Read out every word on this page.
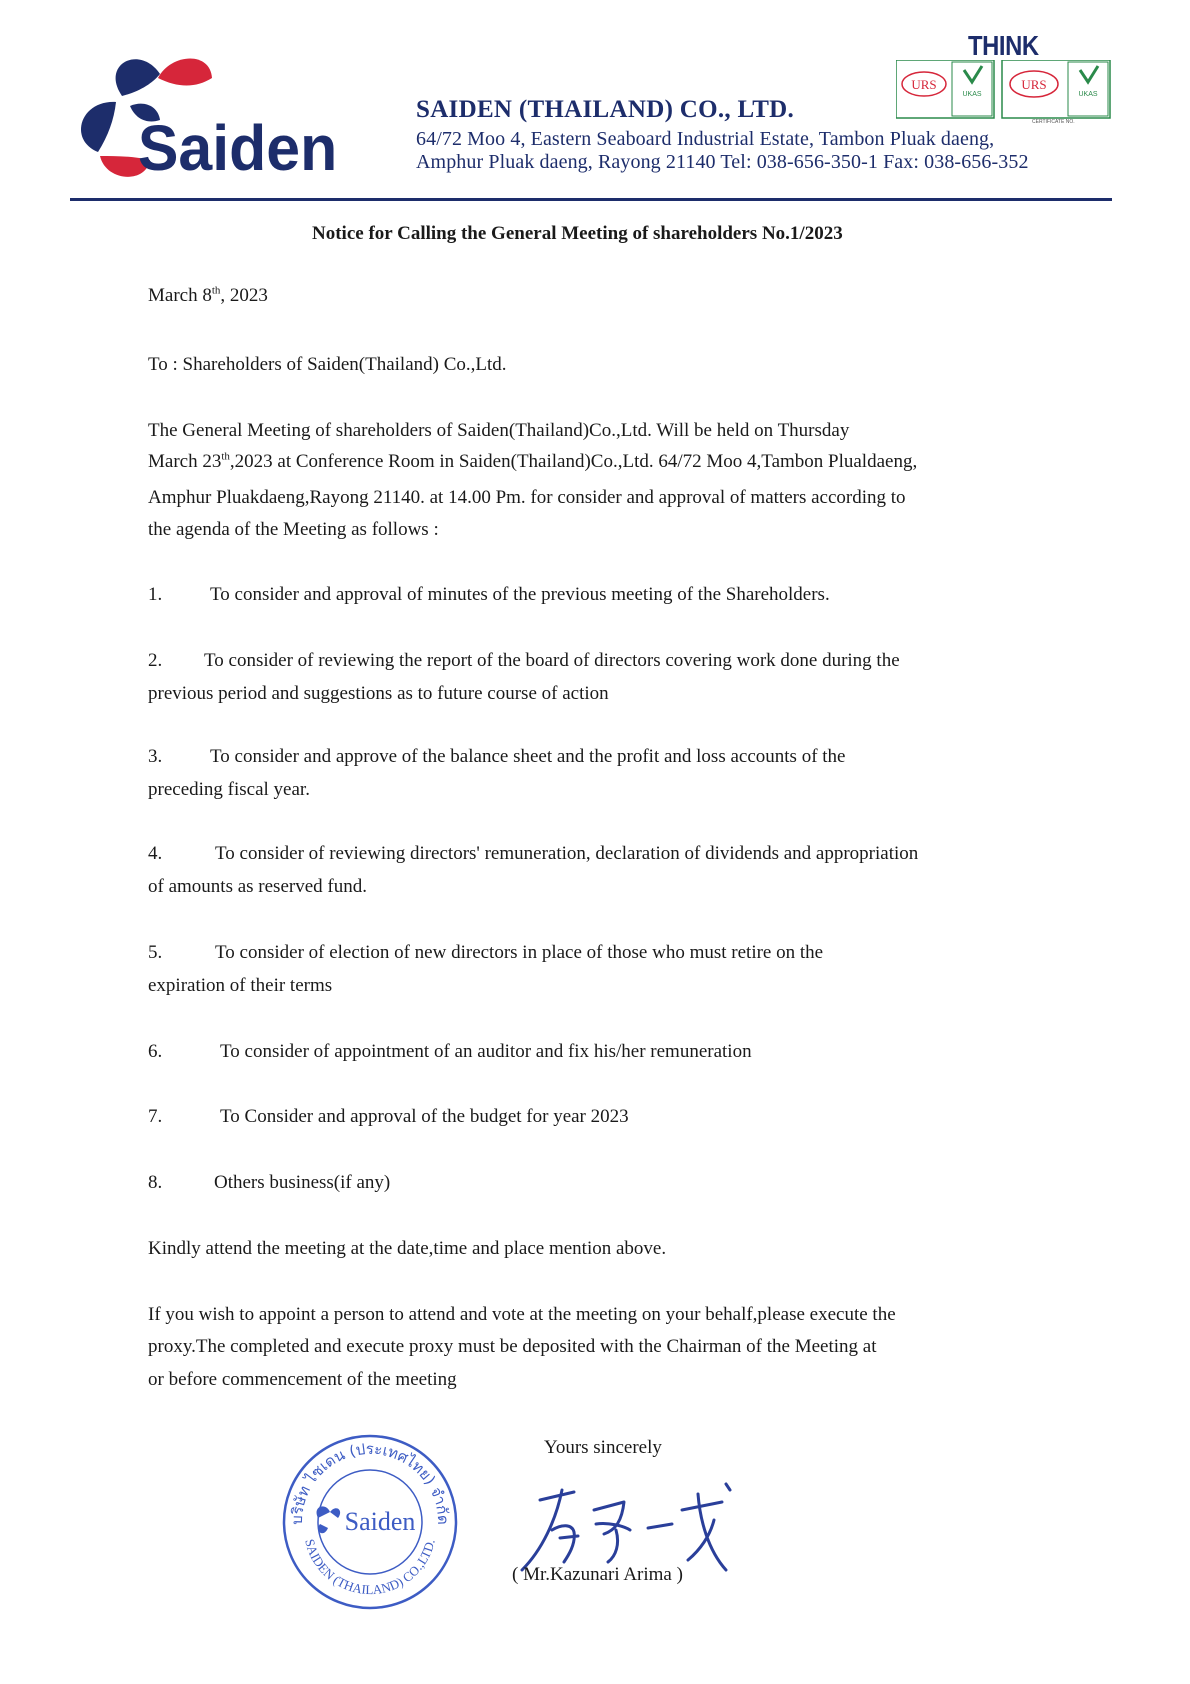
Saiden
SAIDEN (THAILAND) CO., LTD.
64/72 Moo 4, Eastern Seaboard Industrial Estate, Tambon Pluak daeng,
Amphur Pluak daeng, Rayong 21140 Tel: 038-656-350-1 Fax: 038-656-352
THINK
URS
UKAS
URS
UKAS
CERTIFICATE NO.
Notice for Calling the General Meeting of shareholders No.1/2023
March 8th, 2023
To : Shareholders of Saiden(Thailand) Co.,Ltd.
The General Meeting of shareholders of Saiden(Thailand)Co.,Ltd. Will be held on Thursday
March 23th,2023 at Conference Room in Saiden(Thailand)Co.,Ltd. 64/72 Moo 4,Tambon Plualdaeng,
Amphur Pluakdaeng,Rayong 21140. at 14.00 Pm. for consider and approval of matters according to
the agenda of the Meeting as follows :
1.	To consider and approval of minutes of the previous meeting of the Shareholders.
2. To consider of reviewing the report of the board of directors covering work done during the
previous period and suggestions as to future course of action
3.	To consider and approve of the balance sheet and the profit and loss accounts of the
preceding fiscal year.
4.	To consider of reviewing directors' remuneration, declaration of dividends and appropriation
of amounts as reserved fund.
5.	To consider of election of new directors in place of those who must retire on the
expiration of their terms
6.	To consider of appointment of an auditor and fix his/her remuneration
7.	To Consider and approval of the budget for year 2023
8.	Others business(if any)
Kindly attend the meeting at the date,time and place mention above.
If you wish to appoint a person to attend and vote at the meeting on your behalf,please execute the
proxy.The completed and execute proxy must be deposited with the Chairman of the Meeting at
or before commencement of the meeting
Yours sincerely
บริษัท ไซเดน (ประเทศไทย) จำกัด
SAIDEN (THAILAND) CO.,LTD.
Saiden
( Mr.Kazunari Arima )
